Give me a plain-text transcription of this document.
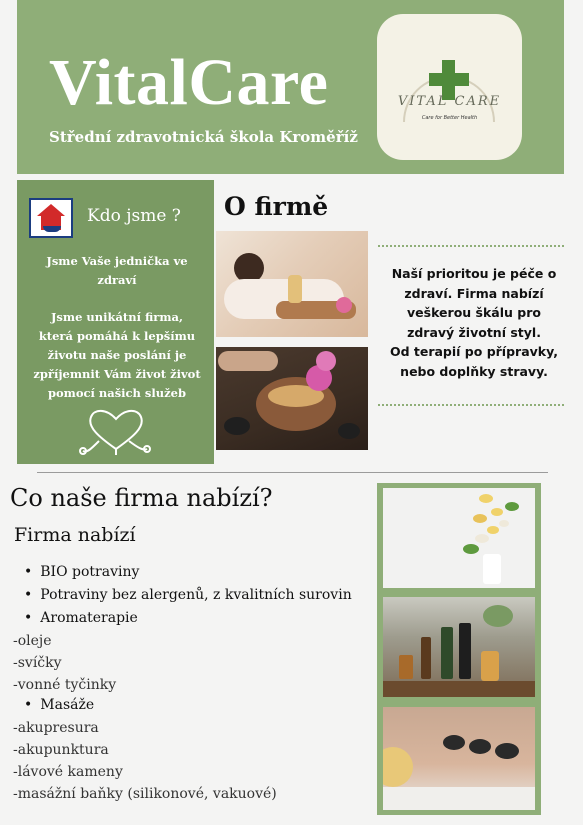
VitalCare
Střední zdravotnická škola Kroměříž
VITAL CARE
Care for Better Health
Kdo jsme ?
Jsme Vaše jednička ve zdraví
Jsme unikátní firma, která pomáhá k lepšímu životu naše poslání je zpříjemnit Vám život život pomocí našich služeb
O firmě
Naší prioritou je péče o zdraví. Firma nabízí veškerou škálu pro zdravý životní styl.
Od terapií po přípravky, nebo doplňky stravy.
Co naše firma nabízí?
Firma nabízí
• BIO potraviny
• Potraviny bez alergenů, z kvalitních surovin
• Aromaterapie
-oleje
-svíčky
-vonné tyčinky
• Masáže
-akupresura
-akupunktura
-lávové kameny
-masážní baňky (silikonové, vakuové)
